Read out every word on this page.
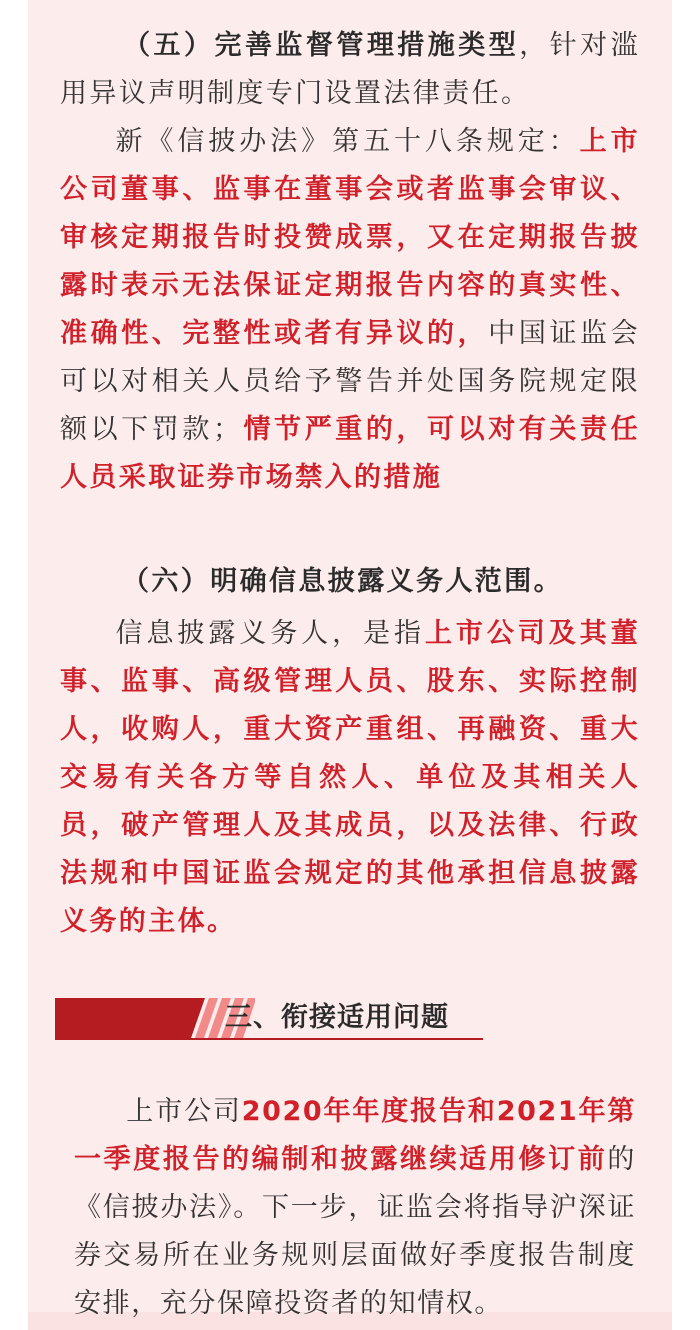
（五）完善监督管理措施类型，针对滥用异议声明制度专门设置法律责任。

新《信披办法》第五十八条规定：上市公司董事、监事在董事会或者监事会审议、审核定期报告时投赞成票，又在定期报告披露时表示无法保证定期报告内容的真实性、准确性、完整性或者有异议的，中国证监会可以对相关人员给予警告并处国务院规定限额以下罚款；情节严重的，可以对有关责任人员采取证券市场禁入的措施

（六）明确信息披露义务人范围。

信息披露义务人，是指上市公司及其董事、监事、高级管理人员、股东、实际控制人，收购人，重大资产重组、再融资、重大交易有关各方等自然人、单位及其相关人员，破产管理人及其成员，以及法律、行政法规和中国证监会规定的其他承担信息披露义务的主体。

三、衔接适用问题

上市公司2020年年度报告和2021年第一季度报告的编制和披露继续适用修订前的《信披办法》。下一步，证监会将指导沪深证券交易所在业务规则层面做好季度报告制度安排，充分保障投资者的知情权。
